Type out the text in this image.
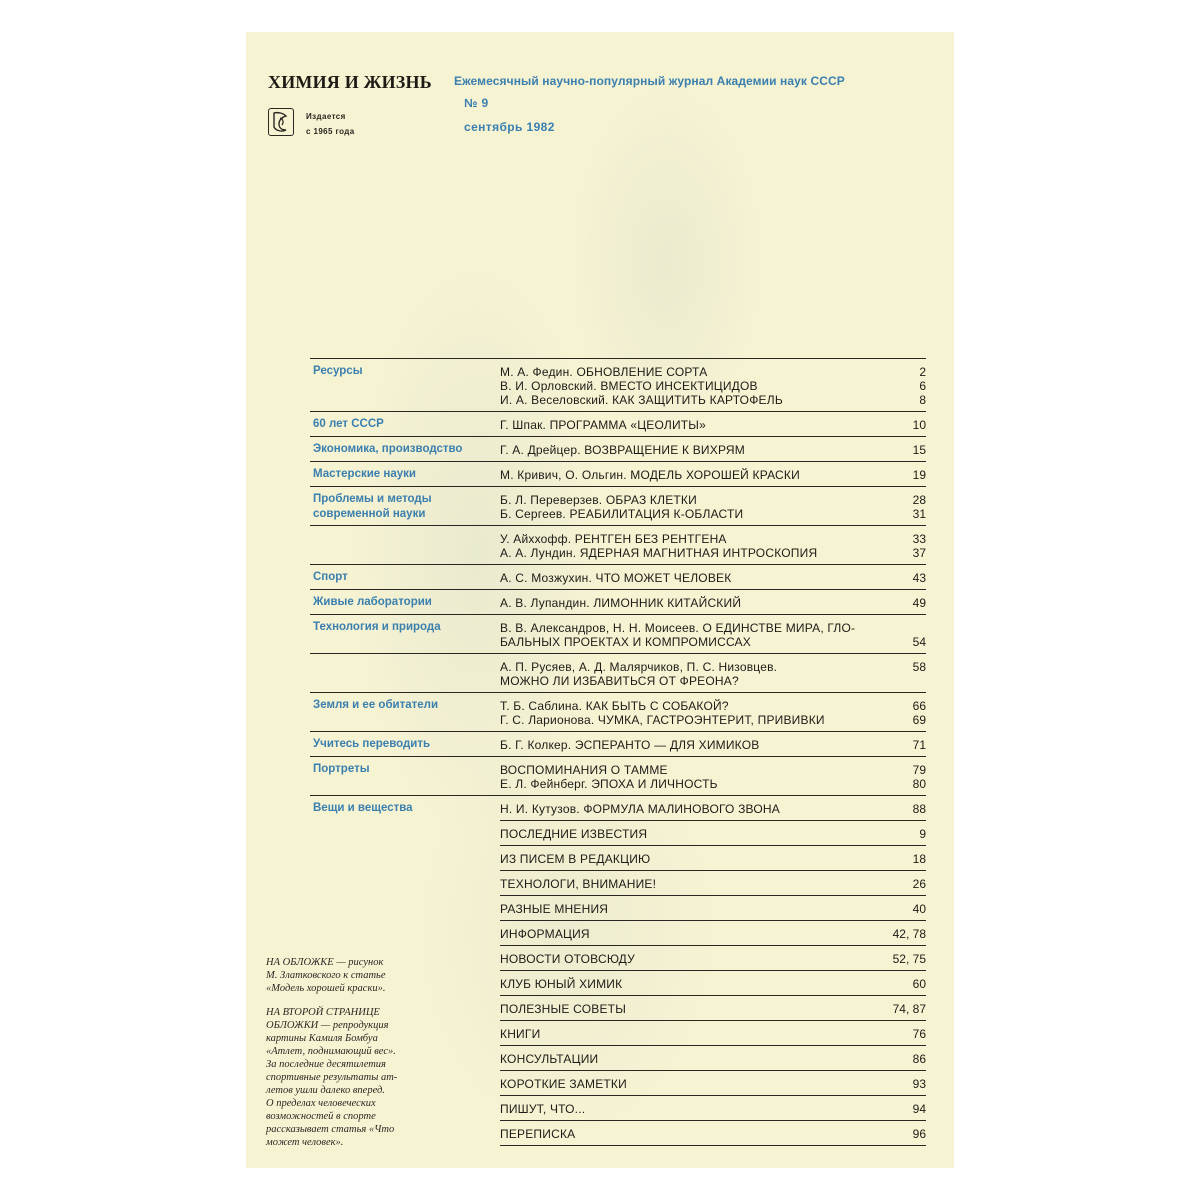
ХИМИЯ И ЖИЗНЬ
Издается
с 1965 года
Ежемесячный научно-популярный журнал Академии наук СССР
№ 9
сентябрь 1982
Ресурсы	М. А. Федин. ОБНОВЛЕНИЕ СОРТА	2
В. И. Орловский. ВМЕСТО ИНСЕКТИЦИДОВ	6
И. А. Веселовский. КАК ЗАЩИТИТЬ КАРТОФЕЛЬ	8
60 лет СССР	Г. Шпак. ПРОГРАММА «ЦЕОЛИТЫ»	10
Экономика, производство	Г. А. Дрейцер. ВОЗВРАЩЕНИЕ К ВИХРЯМ	15
Мастерские науки	М. Кривич, О. Ольгин. МОДЕЛЬ ХОРОШЕЙ КРАСКИ	19
Проблемы и методы современной науки
Б. Л. Переверзев. ОБРАЗ КЛЕТКИ	28
Б. Сергеев. РЕАБИЛИТАЦИЯ К-ОБЛАСТИ	31
У. Айххофф. РЕНТГЕН БЕЗ РЕНТГЕНА	33
А. А. Лундин. ЯДЕРНАЯ МАГНИТНАЯ ИНТРОСКОПИЯ	37
Спорт	А. С. Мозжухин. ЧТО МОЖЕТ ЧЕЛОВЕК	43
Живые лаборатории	А. В. Лупандин. ЛИМОННИК КИТАЙСКИЙ	49
Технология и природа	В. В. Александров, Н. Н. Моисеев. О ЕДИНСТВЕ МИРА, ГЛО-
БАЛЬНЫХ ПРОЕКТАХ И КОМПРОМИССАХ	54
А. П. Русяев, А. Д. Малярчиков, П. С. Низовцев.	58
МОЖНО ЛИ ИЗБАВИТЬСЯ ОТ ФРЕОНА?
Земля и ее обитатели	Т. Б. Саблина. КАК БЫТЬ С СОБАКОЙ?	66
Г. С. Ларионова. ЧУМКА, ГАСТРОЭНТЕРИТ, ПРИВИВКИ	69
Учитесь переводить	Б. Г. Колкер. ЭСПЕРАНТО — ДЛЯ ХИМИКОВ	71
Портреты	ВОСПОМИНАНИЯ О ТАММЕ	79
Е. Л. Фейнберг. ЭПОХА И ЛИЧНОСТЬ	80
Вещи и вещества	Н. И. Кутузов. ФОРМУЛА МАЛИНОВОГО ЗВОНА	88
ПОСЛЕДНИЕ ИЗВЕСТИЯ	9
ИЗ ПИСЕМ В РЕДАКЦИЮ	18
ТЕХНОЛОГИ, ВНИМАНИЕ!	26
РАЗНЫЕ МНЕНИЯ	40
ИНФОРМАЦИЯ	42, 78
НОВОСТИ ОТОВСЮДУ	52, 75
КЛУБ ЮНЫЙ ХИМИК	60
ПОЛЕЗНЫЕ СОВЕТЫ	74, 87
КНИГИ	76
КОНСУЛЬТАЦИИ	86
КОРОТКИЕ ЗАМЕТКИ	93
ПИШУТ, ЧТО...	94
ПЕРЕПИСКА	96
НА ОБЛОЖКЕ — рисунок
М. Златковского к статье
«Модель хорошей краски».
НА ВТОРОЙ СТРАНИЦЕ
ОБЛОЖКИ — репродукция
картины Камиля Бомбуа
«Атлет, поднимающий вес».
За последние десятилетия
спортивные результаты ат-
летов ушли далеко вперед.
О пределах человеческих
возможностей в спорте
рассказывает статья «Что
может человек».
